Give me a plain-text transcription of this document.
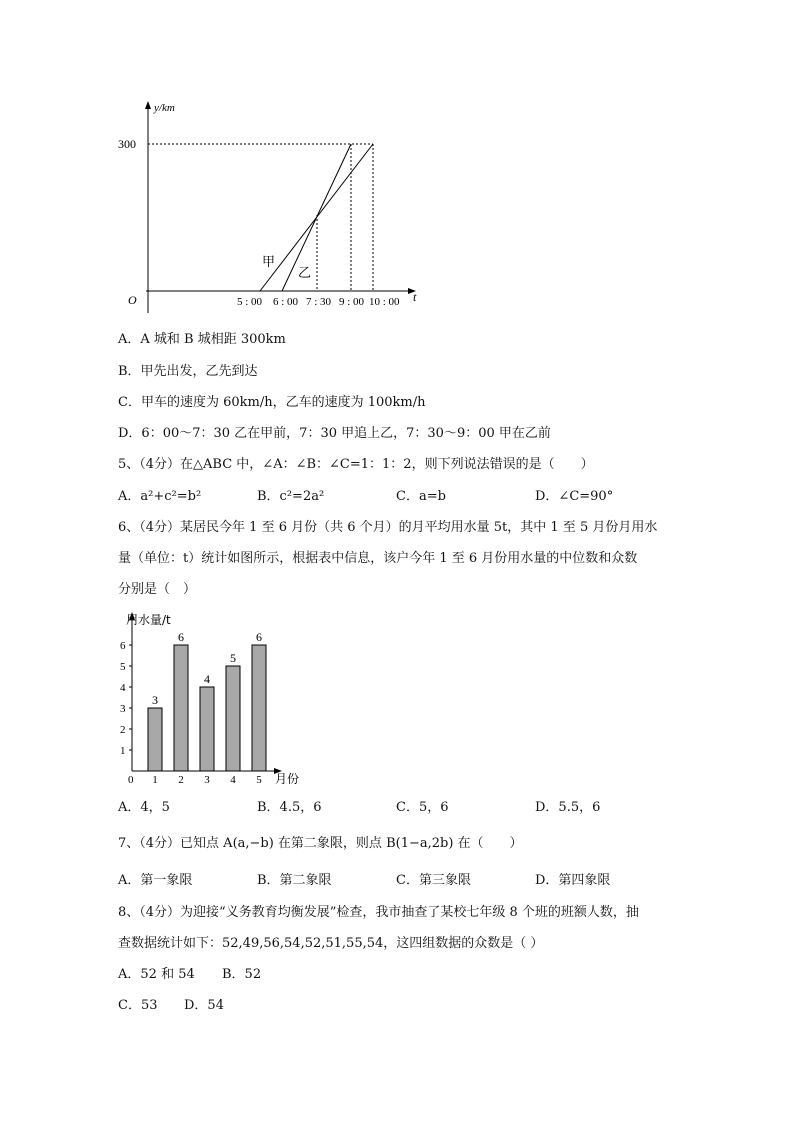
y/km
300
O	t
甲
乙
5 : 00 6 : 00 7 : 30 9 : 00 10 : 00
A．A 城和 B 城相距 300km
B．甲先出发，乙先到达
C．甲车的速度为 60km/h，乙车的速度为 100km/h
D．6：00～7：30 乙在甲前，7：30 甲追上乙，7：30～9：00 甲在乙前
5、（4分）在△ABC 中，∠A：∠B：∠C=1：1：2，则下列说法错误的是（　　）
A．a²+c²=b²	B．c²=2a²	C．a=b	D．∠C=90°
6、（4分）某居民今年 1 至 6 月份（共 6 个月）的月平均用水量 5t，其中 1 至 5 月份月用水
量（单位：t）统计如图所示，根据表中信息，该户今年 1 至 6 月份用水量的中位数和众数
分别是（　）
用水量/t
月份
0
1
2
3
4
5
6
3
1
6
2
4
3
5
4
6
5
A．4，5	B．4.5，6	C．5，6	D．5.5，6
7、（4分）已知点 A(a,−b) 在第二象限，则点 B(1−a,2b) 在（　　）
A．第一象限	B．第二象限	C．第三象限	D．第四象限
8、（4分）为迎接“义务教育均衡发展”检查，我市抽查了某校七年级 8 个班的班额人数，抽
查数据统计如下：52,49,56,54,52,51,55,54，这四组数据的众数是（ ）
A．52 和 54 B．52
C．53 D．54
